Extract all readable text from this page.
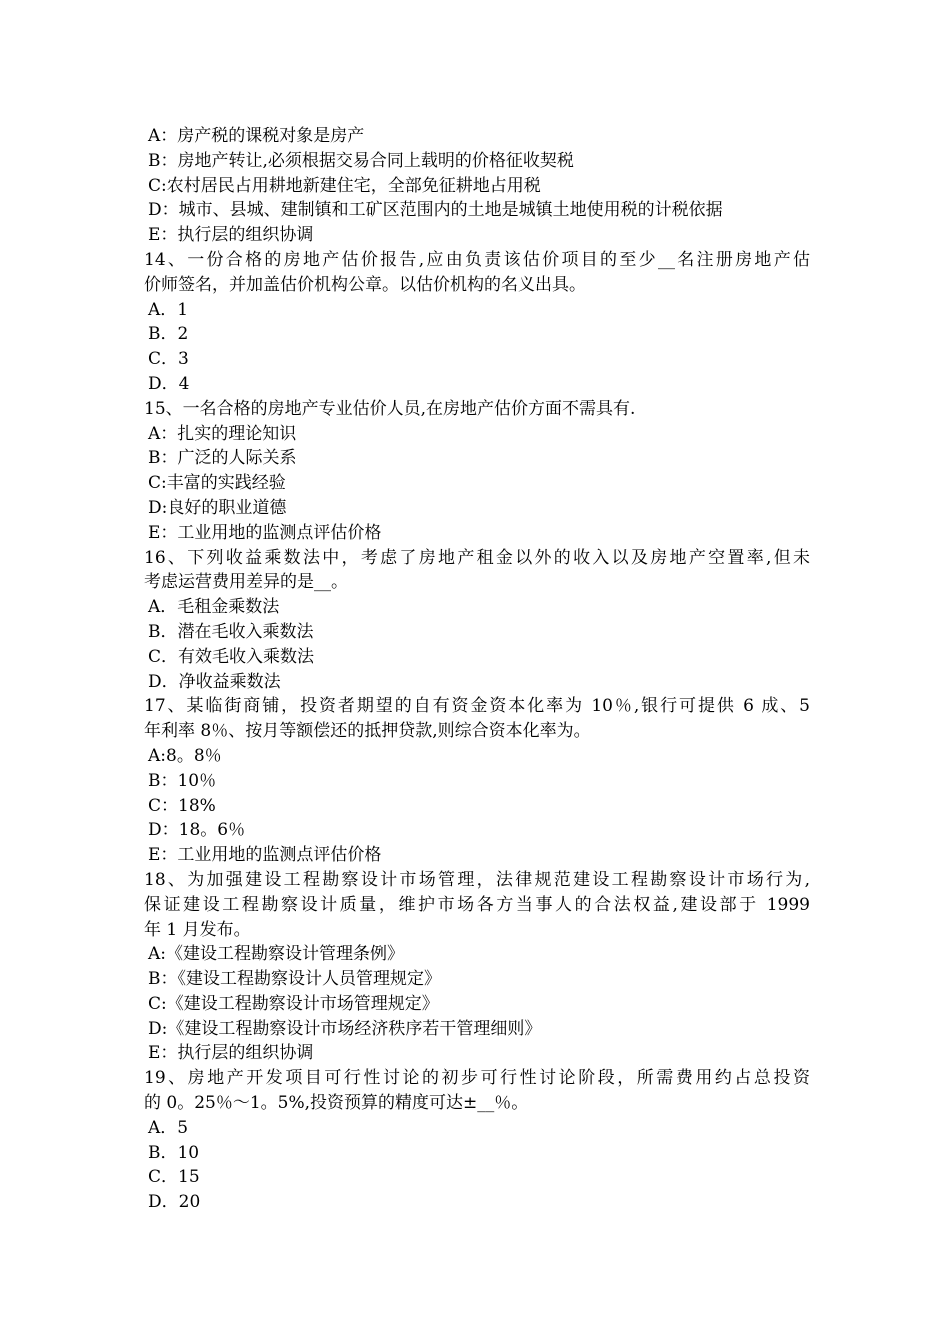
A：房产税的课税对象是房产
B：房地产转让,必须根据交易合同上载明的价格征收契税
C:农村居民占用耕地新建住宅，全部免征耕地占用税
D：城市、县城、建制镇和工矿区范围内的土地是城镇土地使用税的计税依据
E：执行层的组织协调
14、一份合格的房地产估价报告,应由负责该估价项目的至少__名注册房地产估
价师签名，并加盖估价机构公章。以估价机构的名义出具。
A．1
B．2
C．3
D．4
15、一名合格的房地产专业估价人员,在房地产估价方面不需具有.
A：扎实的理论知识
B：广泛的人际关系
C:丰富的实践经验
D:良好的职业道德
E：工业用地的监测点评估价格
16、下列收益乘数法中，考虑了房地产租金以外的收入以及房地产空置率,但未
考虑运营费用差异的是__。
A．毛租金乘数法
B．潜在毛收入乘数法
C．有效毛收入乘数法
D．净收益乘数法
17、某临街商铺，投资者期望的自有资金资本化率为 10％,银行可提供 6 成、5
年利率 8％、按月等额偿还的抵押贷款,则综合资本化率为。
A:8。8％
B：10％
C：18%
D：18。6％
E：工业用地的监测点评估价格
18、为加强建设工程勘察设计市场管理，法律规范建设工程勘察设计市场行为,
保证建设工程勘察设计质量，维护市场各方当事人的合法权益,建设部于 1999
年 1 月发布。
A:《建设工程勘察设计管理条例》
B：《建设工程勘察设计人员管理规定》
C:《建设工程勘察设计市场管理规定》
D:《建设工程勘察设计市场经济秩序若干管理细则》
E：执行层的组织协调
19、房地产开发项目可行性讨论的初步可行性讨论阶段，所需费用约占总投资
的 0。25％～1。5%,投资预算的精度可达±__％。
A．5
B．10
C．15
D．20
